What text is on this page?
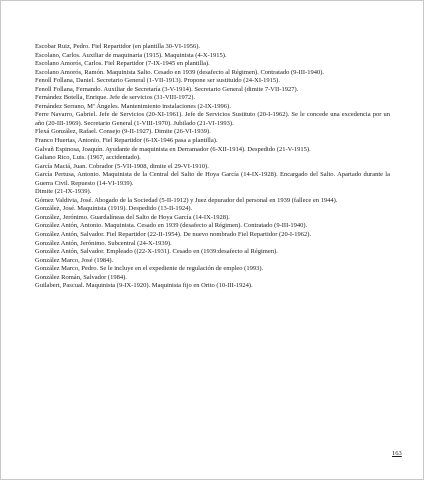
Escobar Ruiz, Pedro. Fiel Repartidor (en plantilla 30-VI-1956).

Escolano, Carlos. Auxiliar de maquinaria (1915). Maquinista (4-X-1915).

Escolano Amorós, Carlos. Fiel Repartidor (7-IX-1945 en plantilla).

Escolano Amorós, Ramón. Maquinista Salto. Cesado en 1939 (desafecto al Régimen). Contratado (9-III-1940).

Fenoll Follana, Daniel. Secretario General (1-VII-1913). Propone ser sustituido (24-XI-1915).

Fenoll Follana, Fernando. Auxiliar de Secretaría (3-V-1914). Secretario General (dimite 7-VII-1927).

Fernández Botella, Enrique. Jefe de servicios (31-VIII-1972).

Fernández Serrano, Mª Ángeles. Mantenimiento instalaciones (2-IX-1996).

Ferre Navarro, Gabriel. Jefe de Servicios (20-XI-1961). Jefe de Servicios Sustituto (20-I-1962). Se le concede una excedencia por un año (20-III-1969). Secretario General (1-VIII-1970). Jubilado (21-VI-1993).

Flexá González, Rafael. Consejo (9-II-1927). Dimite (26-VI-1939).

Franco Huertas, Antonio. Fiel Repartidor (6-IX-1946 pasa a plantilla).

Galvañ Espinosa, Joaquín. Ayudante de maquinista en Derramador (6-XII-1914). Despedido (21-V-1915).

Galiano Rico, Luis. (1967, accidentado).

García Maciá, Juan. Cobrador (5-VII-1908, dimite el 29-VI-1910).

García Pertusa, Antonio. Maquinista de la Central del Salto de Hoya García (14-IX-1928). Encargado del Salto. Apartado durante la Guerra Civil. Repuesto (14-VI-1939).

Dimite (21-IX-1939).

Gómez Valdivia, José. Abogado de la Sociedad (5-II-1912) y Juez depurador del personal en 1939 (fallece en 1944).

González, José. Maquinista (1919). Despedido (13-II-1924).

González, Jerónimo. Guardalíneas del Salto de Hoya García (14-IX-1928).

González Antón, Antonio. Maquinista. Cesado en 1939 (desafecto al Régimen). Contratado (9-III-1940).

González Antón, Salvador. Fiel Repartidor (22-II-1954). De nuevo nombrado Fiel Repartidor (20-I-1962).

González Antón, Jerónimo. Subcentral (24-X-1939).

González Antón, Salvador. Empleado ((22-X-1931). Cesado en (1939:desafecto al Régimen).

González Marco, José (1984).

González Marco, Pedro. Se le incluye en el expediente de regulación de empleo (1993).

González Román, Salvador (1984).

Guilabert, Pascual. Maquinista (9-IX-1920). Maquinista fijo en Orito (10-III-1924).

163
